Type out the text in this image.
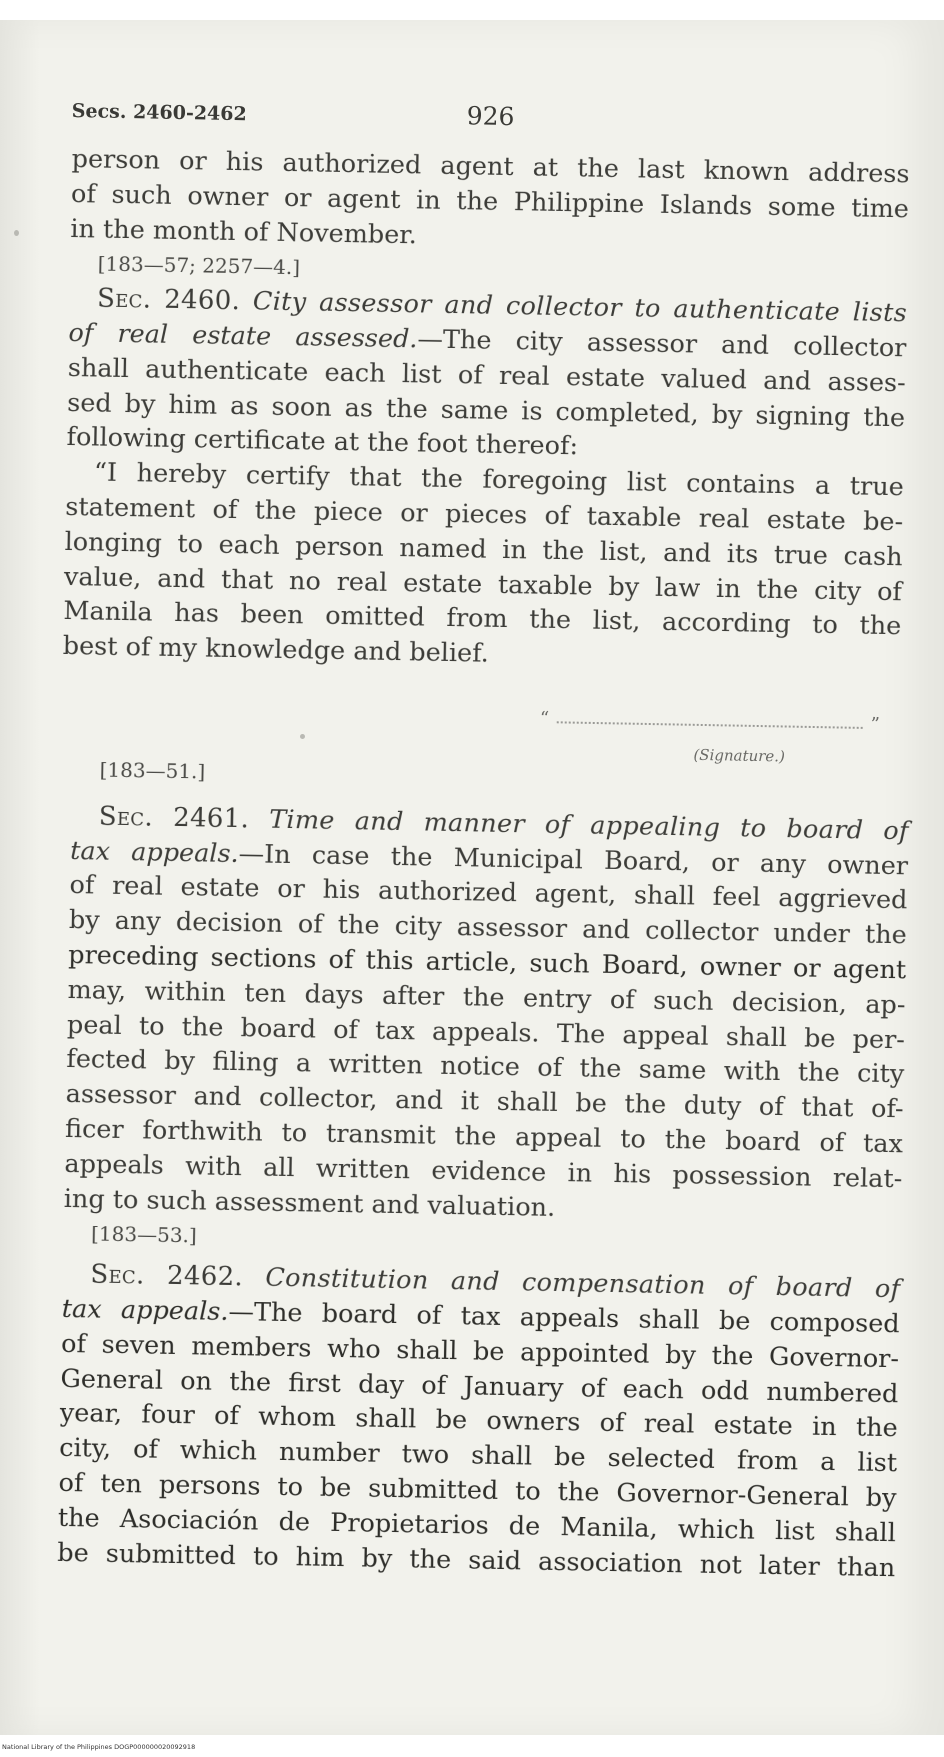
Secs. 2460-2462	926
person or his authorized agent at the last known address
of such owner or agent in the Philippine Islands some time
in the month of November.
[183—57; 2257—4.]
Sec. 2460. City assessor and collector to authenticate lists
of real estate assessed.—The city assessor and collector
shall authenticate each list of real estate valued and asses-
sed by him as soon as the same is completed, by signing the
following certificate at the foot thereof:
“I hereby certify that the foregoing list contains a true
statement of the piece or pieces of taxable real estate be-
longing to each person named in the list, and its true cash
value, and that no real estate taxable by law in the city of
Manila has been omitted from the list, according to the
best of my knowledge and belief.
“	”
(Signature.)
[183—51.]
Sec. 2461. Time and manner of appealing to board of
tax appeals.—In case the Municipal Board, or any owner
of real estate or his authorized agent, shall feel aggrieved
by any decision of the city assessor and collector under the
preceding sections of this article, such Board, owner or agent
may, within ten days after the entry of such decision, ap-
peal to the board of tax appeals. The appeal shall be per-
fected by filing a written notice of the same with the city
assessor and collector, and it shall be the duty of that of-
ficer forthwith to transmit the appeal to the board of tax
appeals with all written evidence in his possession relat-
ing to such assessment and valuation.
[183—53.]
Sec. 2462. Constitution and compensation of board of
tax appeals.—The board of tax appeals shall be composed
of seven members who shall be appointed by the Governor-
General on the first day of January of each odd numbered
year, four of whom shall be owners of real estate in the
city, of which number two shall be selected from a list
of ten persons to be submitted to the Governor-General by
the Asociación de Propietarios de Manila, which list shall
be submitted to him by the said association not later than
National Library of the Philippines DOGP000000020092918
